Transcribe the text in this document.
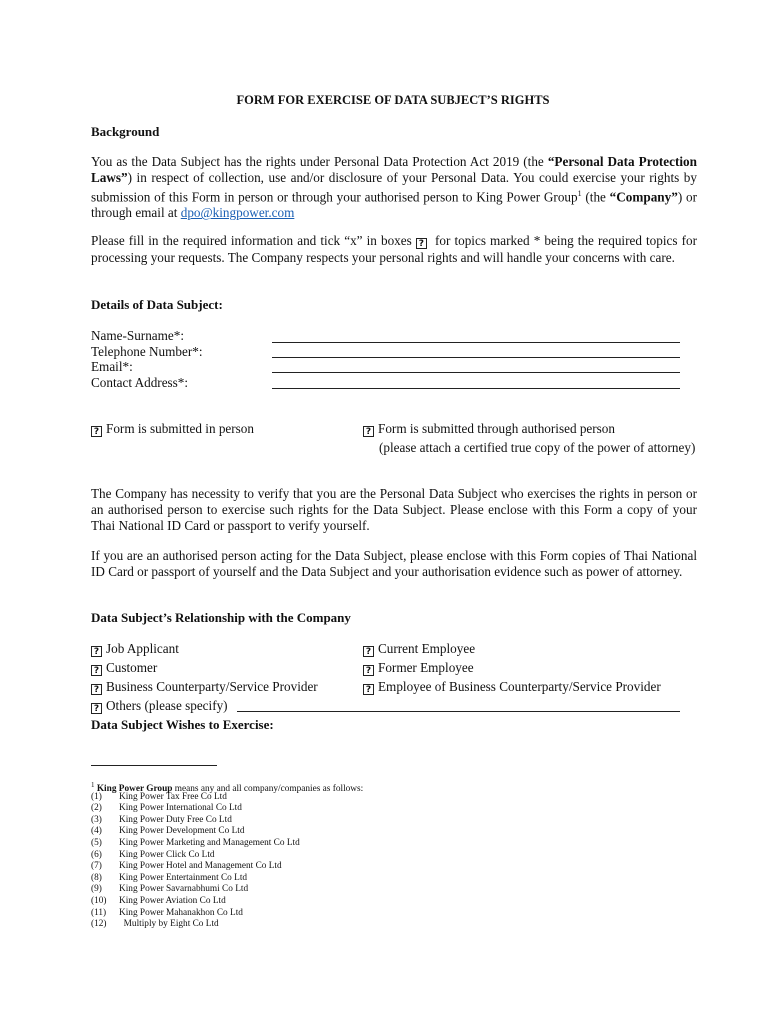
FORM FOR EXERCISE OF DATA SUBJECT’S RIGHTS
Background
You as the Data Subject has the rights under Personal Data Protection Act 2019 (the “Personal Data Protection Laws”) in respect of collection, use and/or disclosure of your Personal Data. You could exercise your rights by submission of this Form in person or through your authorised person to King Power Group$^1$ (the “Company”) or through email at dpo@kingpower.com
Please fill in the required information and tick “x” in boxes ? for topics marked * being the required topics for processing your requests. The Company respects your personal rights and will handle your concerns with care.
Details of Data Subject:
Name-Surname*:
Telephone Number*:
Email*:
Contact Address*:
? Form is submitted in person	? Form is submitted through authorised person
(please attach a certified true copy of the power of attorney)
The Company has necessity to verify that you are the Personal Data Subject who exercises the rights in person or an authorised person to exercise such rights for the Data Subject. Please enclose with this Form a copy of your Thai National ID Card or passport to verify yourself.
If you are an authorised person acting for the Data Subject, please enclose with this Form copies of Thai National ID Card or passport of yourself and the Data Subject and your authorisation evidence such as power of attorney.
Data Subject’s Relationship with the Company
? Job Applicant
? Customer
? Business Counterparty/Service Provider
? Current Employee
? Former Employee
? Employee of Business Counterparty/Service Provider
? Others (please specify)
Data Subject Wishes to Exercise:
$^1$ King Power Group means any and all company/companies as follows:
(1) King Power Tax Free Co Ltd
(2) King Power International Co Ltd
(3) King Power Duty Free Co Ltd
(4) King Power Development Co Ltd
(5) King Power Marketing and Management Co Ltd
(6) King Power Click Co Ltd
(7) King Power Hotel and Management Co Ltd
(8) King Power Entertainment Co Ltd
(9) King Power Savarnabhumi Co Ltd
(10) King Power Aviation Co Ltd
(11) King Power Mahanakhon Co Ltd
(12) Multiply by Eight Co Ltd
